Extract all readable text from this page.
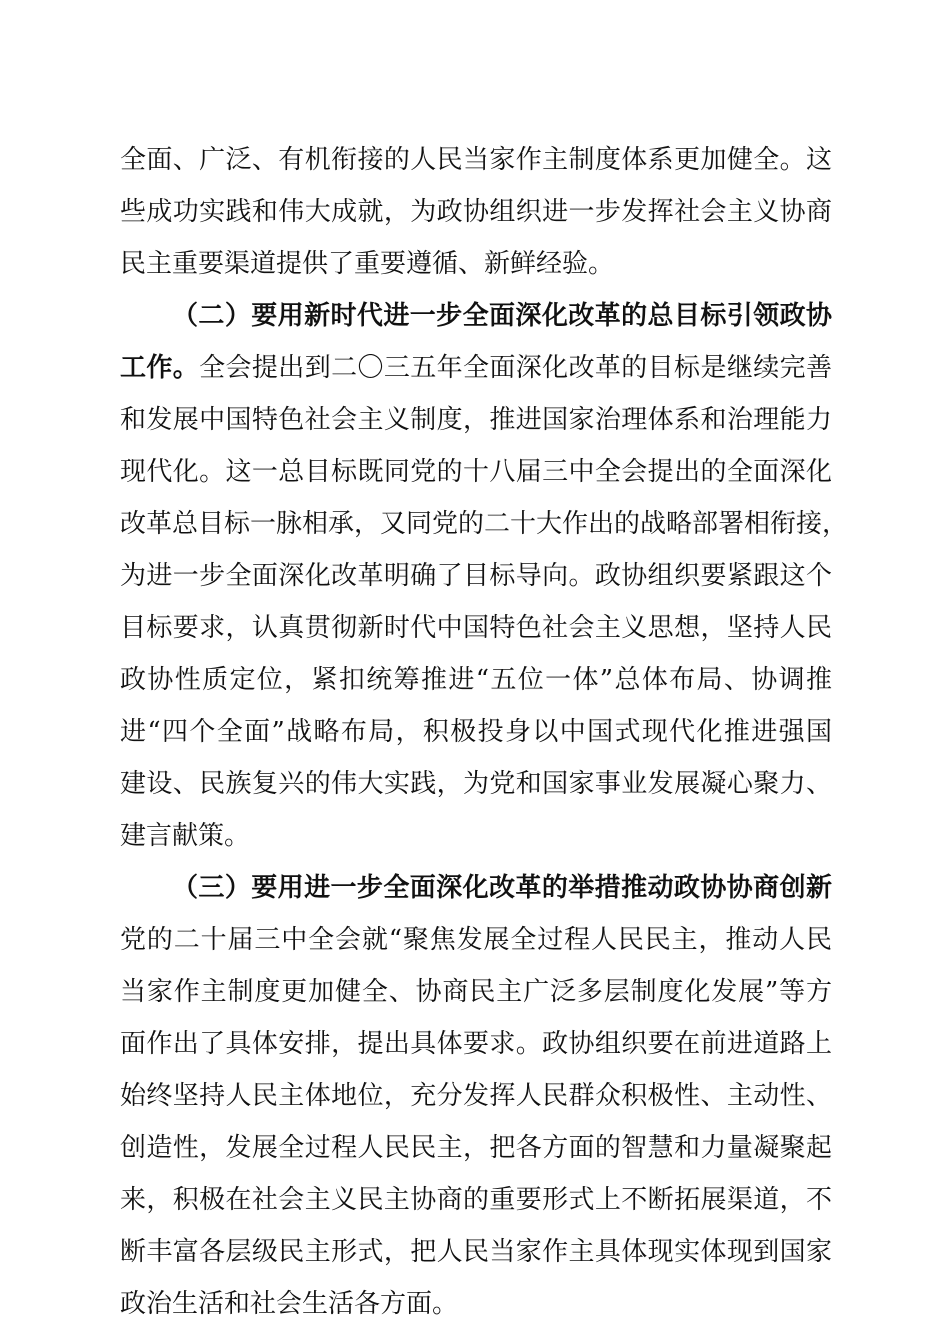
全面、广泛、有机衔接的人民当家作主制度体系更加健全。这
些成功实践和伟大成就，为政协组织进一步发挥社会主义协商
民主重要渠道提供了重要遵循、新鲜经验。
（二）要用新时代进一步全面深化改革的总目标引领政协
工作。全会提出到二〇三五年全面深化改革的目标是继续完善
和发展中国特色社会主义制度，推进国家治理体系和治理能力
现代化。这一总目标既同党的十八届三中全会提出的全面深化
改革总目标一脉相承，又同党的二十大作出的战略部署相衔接，
为进一步全面深化改革明确了目标导向。政协组织要紧跟这个
目标要求，认真贯彻新时代中国特色社会主义思想，坚持人民
政协性质定位，紧扣统筹推进“五位一体”总体布局、协调推
进“四个全面”战略布局，积极投身以中国式现代化推进强国
建设、民族复兴的伟大实践，为党和国家事业发展凝心聚力、
建言献策。
（三）要用进一步全面深化改革的举措推动政协协商创新
党的二十届三中全会就“聚焦发展全过程人民民主，推动人民
当家作主制度更加健全、协商民主广泛多层制度化发展”等方
面作出了具体安排，提出具体要求。政协组织要在前进道路上
始终坚持人民主体地位，充分发挥人民群众积极性、主动性、
创造性，发展全过程人民民主，把各方面的智慧和力量凝聚起
来，积极在社会主义民主协商的重要形式上不断拓展渠道，不
断丰富各层级民主形式，把人民当家作主具体现实体现到国家
政治生活和社会生活各方面。
